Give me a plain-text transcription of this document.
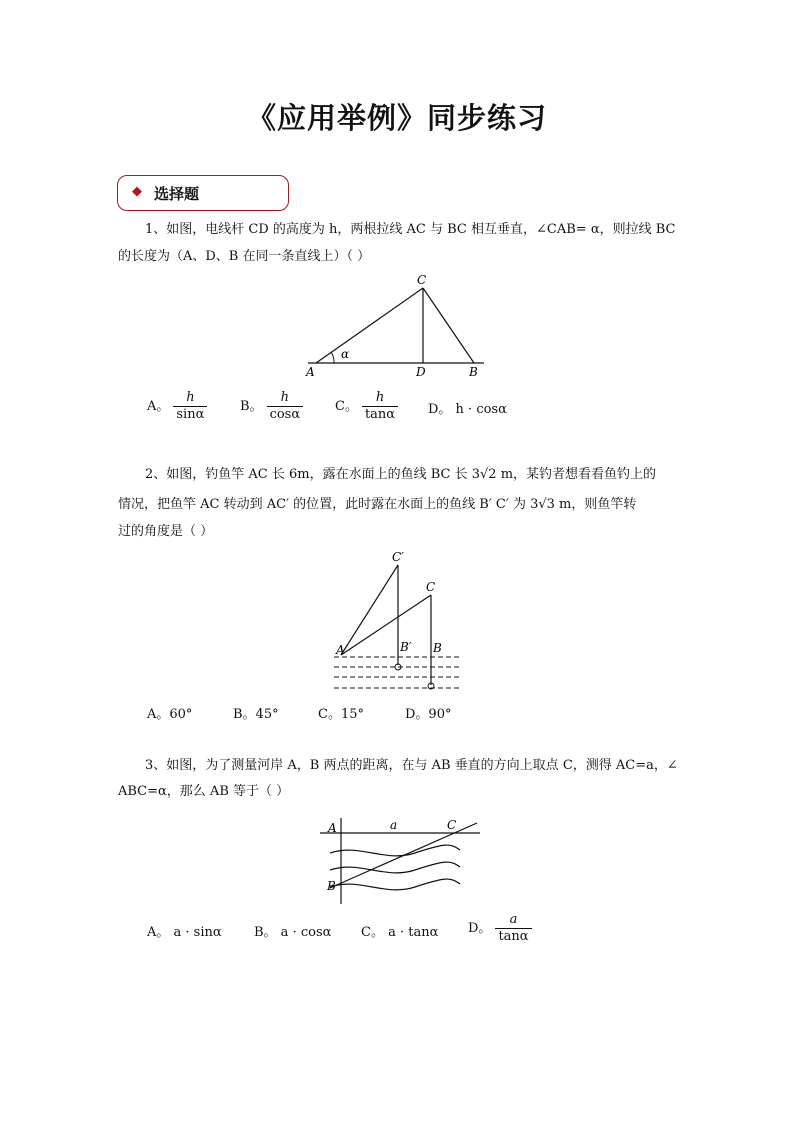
《应用举例》同步练习
◆ 选择题
1、如图，电线杆 CD 的高度为 h，两根拉线 AC 与 BC 相互垂直，∠CAB= α，则拉线 BC
的长度为（A、D、B 在同一条直线上）（ ）
C
A	D	B
α
A。 $\frac{h}{\sin\alpha}$	B。 $\frac{h}{\cos\alpha}$ C。 $\frac{h}{\tan\alpha}$ D。 h · cosα
2、如图，钓鱼竿 AC 长 6m，露在水面上的鱼线 BC 长 3√2 m，某钓者想看看鱼钓上的
情况，把鱼竿 AC 转动到 AC′ 的位置，此时露在水面上的鱼线 B′ C′ 为 3√3 m，则鱼竿转
过的角度是（ ）
C′
C
A	B′ B
A。60°	B。45°	C。15°	D。90°
3、如图，为了测量河岸 A，B 两点的距离，在与 AB 垂直的方向上取点 C，测得 AC=a，∠
ABC=α，那么 AB 等于（ ）
A	a	C
B
A。 a · sinα B。 a · cosα C。 a · tanα D。 $\frac{a}{\tan\alpha}$
